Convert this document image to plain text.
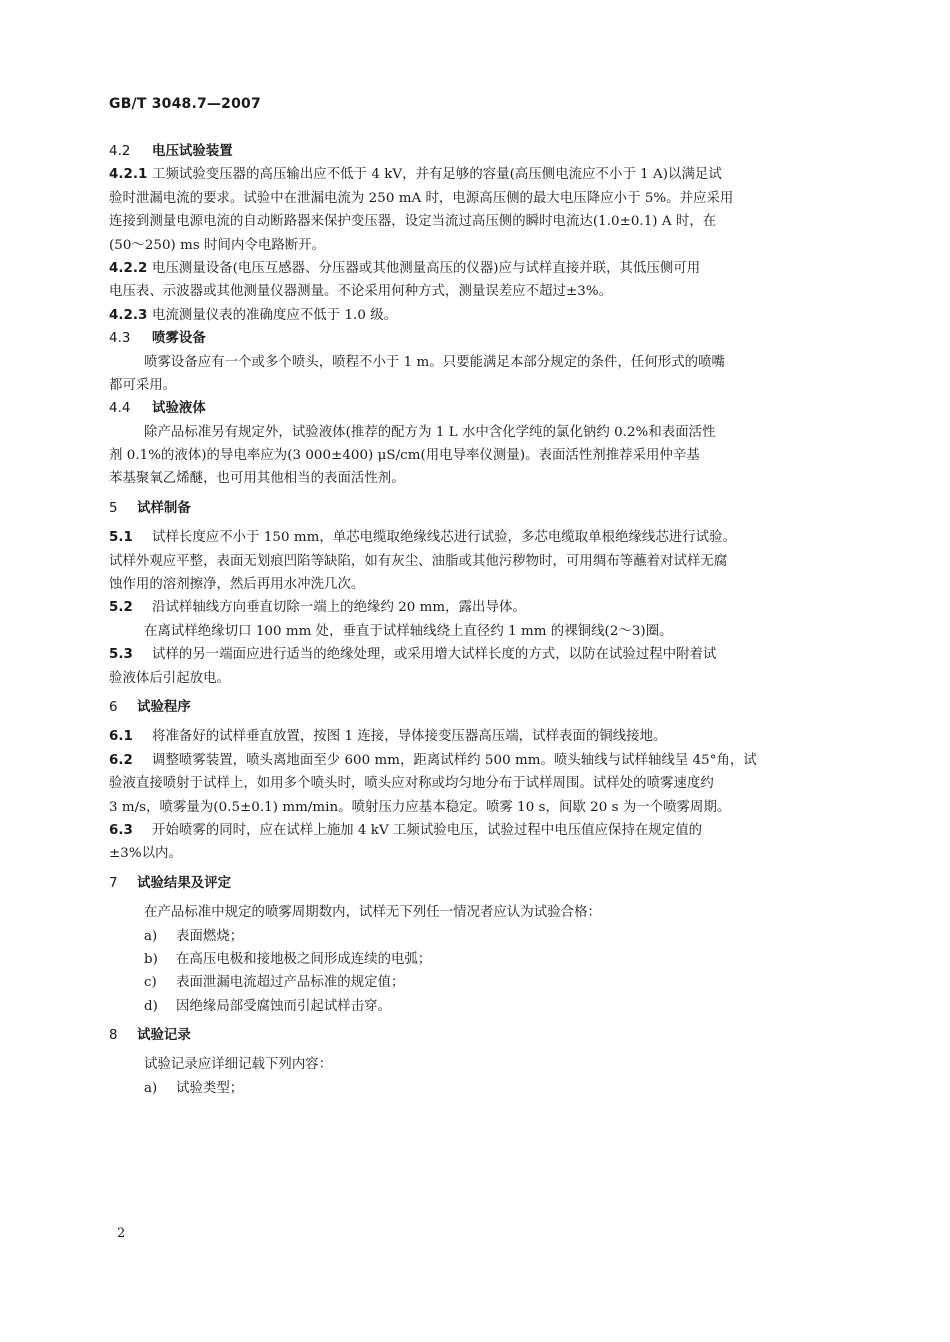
GB/T 3048.7—2007
4.2 电压试验装置
4.2.1 工频试验变压器的高压输出应不低于 4 kV，并有足够的容量(高压侧电流应不小于 1 A)以满足试
验时泄漏电流的要求。试验中在泄漏电流为 250 mA 时，电源高压侧的最大电压降应小于 5%。并应采用
连接到测量电源电流的自动断路器来保护变压器，设定当流过高压侧的瞬时电流达(1.0±0.1) A 时，在
(50～250) ms 时间内令电路断开。
4.2.2 电压测量设备(电压互感器、分压器或其他测量高压的仪器)应与试样直接并联，其低压侧可用
电压表、示波器或其他测量仪器测量。不论采用何种方式，测量误差应不超过±3%。
4.2.3 电流测量仪表的准确度应不低于 1.0 级。
4.3 喷雾设备
喷雾设备应有一个或多个喷头，喷程不小于 1 m。只要能满足本部分规定的条件，任何形式的喷嘴
都可采用。
4.4 试验液体
除产品标准另有规定外，试验液体(推荐的配方为 1 L 水中含化学纯的氯化钠约 0.2%和表面活性
剂 0.1%的液体)的导电率应为(3 000±400) μS/cm(用电导率仪测量)。表面活性剂推荐采用仲辛基
苯基聚氧乙烯醚，也可用其他相当的表面活性剂。
5 试样制备
5.1 试样长度应不小于 150 mm，单芯电缆取绝缘线芯进行试验，多芯电缆取单根绝缘线芯进行试验。
试样外观应平整，表面无划痕凹陷等缺陷，如有灰尘、油脂或其他污秽物时，可用绸布等蘸着对试样无腐
蚀作用的溶剂擦净，然后再用水冲洗几次。
5.2 沿试样轴线方向垂直切除一端上的绝缘约 20 mm，露出导体。
在离试样绝缘切口 100 mm 处，垂直于试样轴线绕上直径约 1 mm 的裸铜线(2～3)圈。
5.3 试样的另一端面应进行适当的绝缘处理，或采用增大试样长度的方式，以防在试验过程中附着试
验液体后引起放电。
6 试验程序
6.1 将准备好的试样垂直放置，按图 1 连接，导体接变压器高压端，试样表面的铜线接地。
6.2 调整喷雾装置，喷头离地面至少 600 mm，距离试样约 500 mm。喷头轴线与试样轴线呈 45°角，试
验液直接喷射于试样上，如用多个喷头时，喷头应对称或均匀地分布于试样周围。试样处的喷雾速度约
3 m/s，喷雾量为(0.5±0.1) mm/min。喷射压力应基本稳定。喷雾 10 s，间歇 20 s 为一个喷雾周期。
6.3 开始喷雾的同时，应在试样上施加 4 kV 工频试验电压，试验过程中电压值应保持在规定值的
±3%以内。
7 试验结果及评定
在产品标准中规定的喷雾周期数内，试样无下列任一情况者应认为试验合格：
a) 表面燃烧；
b) 在高压电极和接地极之间形成连续的电弧；
c) 表面泄漏电流超过产品标准的规定值；
d) 因绝缘局部受腐蚀而引起试样击穿。
8 试验记录
试验记录应详细记载下列内容：
a) 试验类型；
2
